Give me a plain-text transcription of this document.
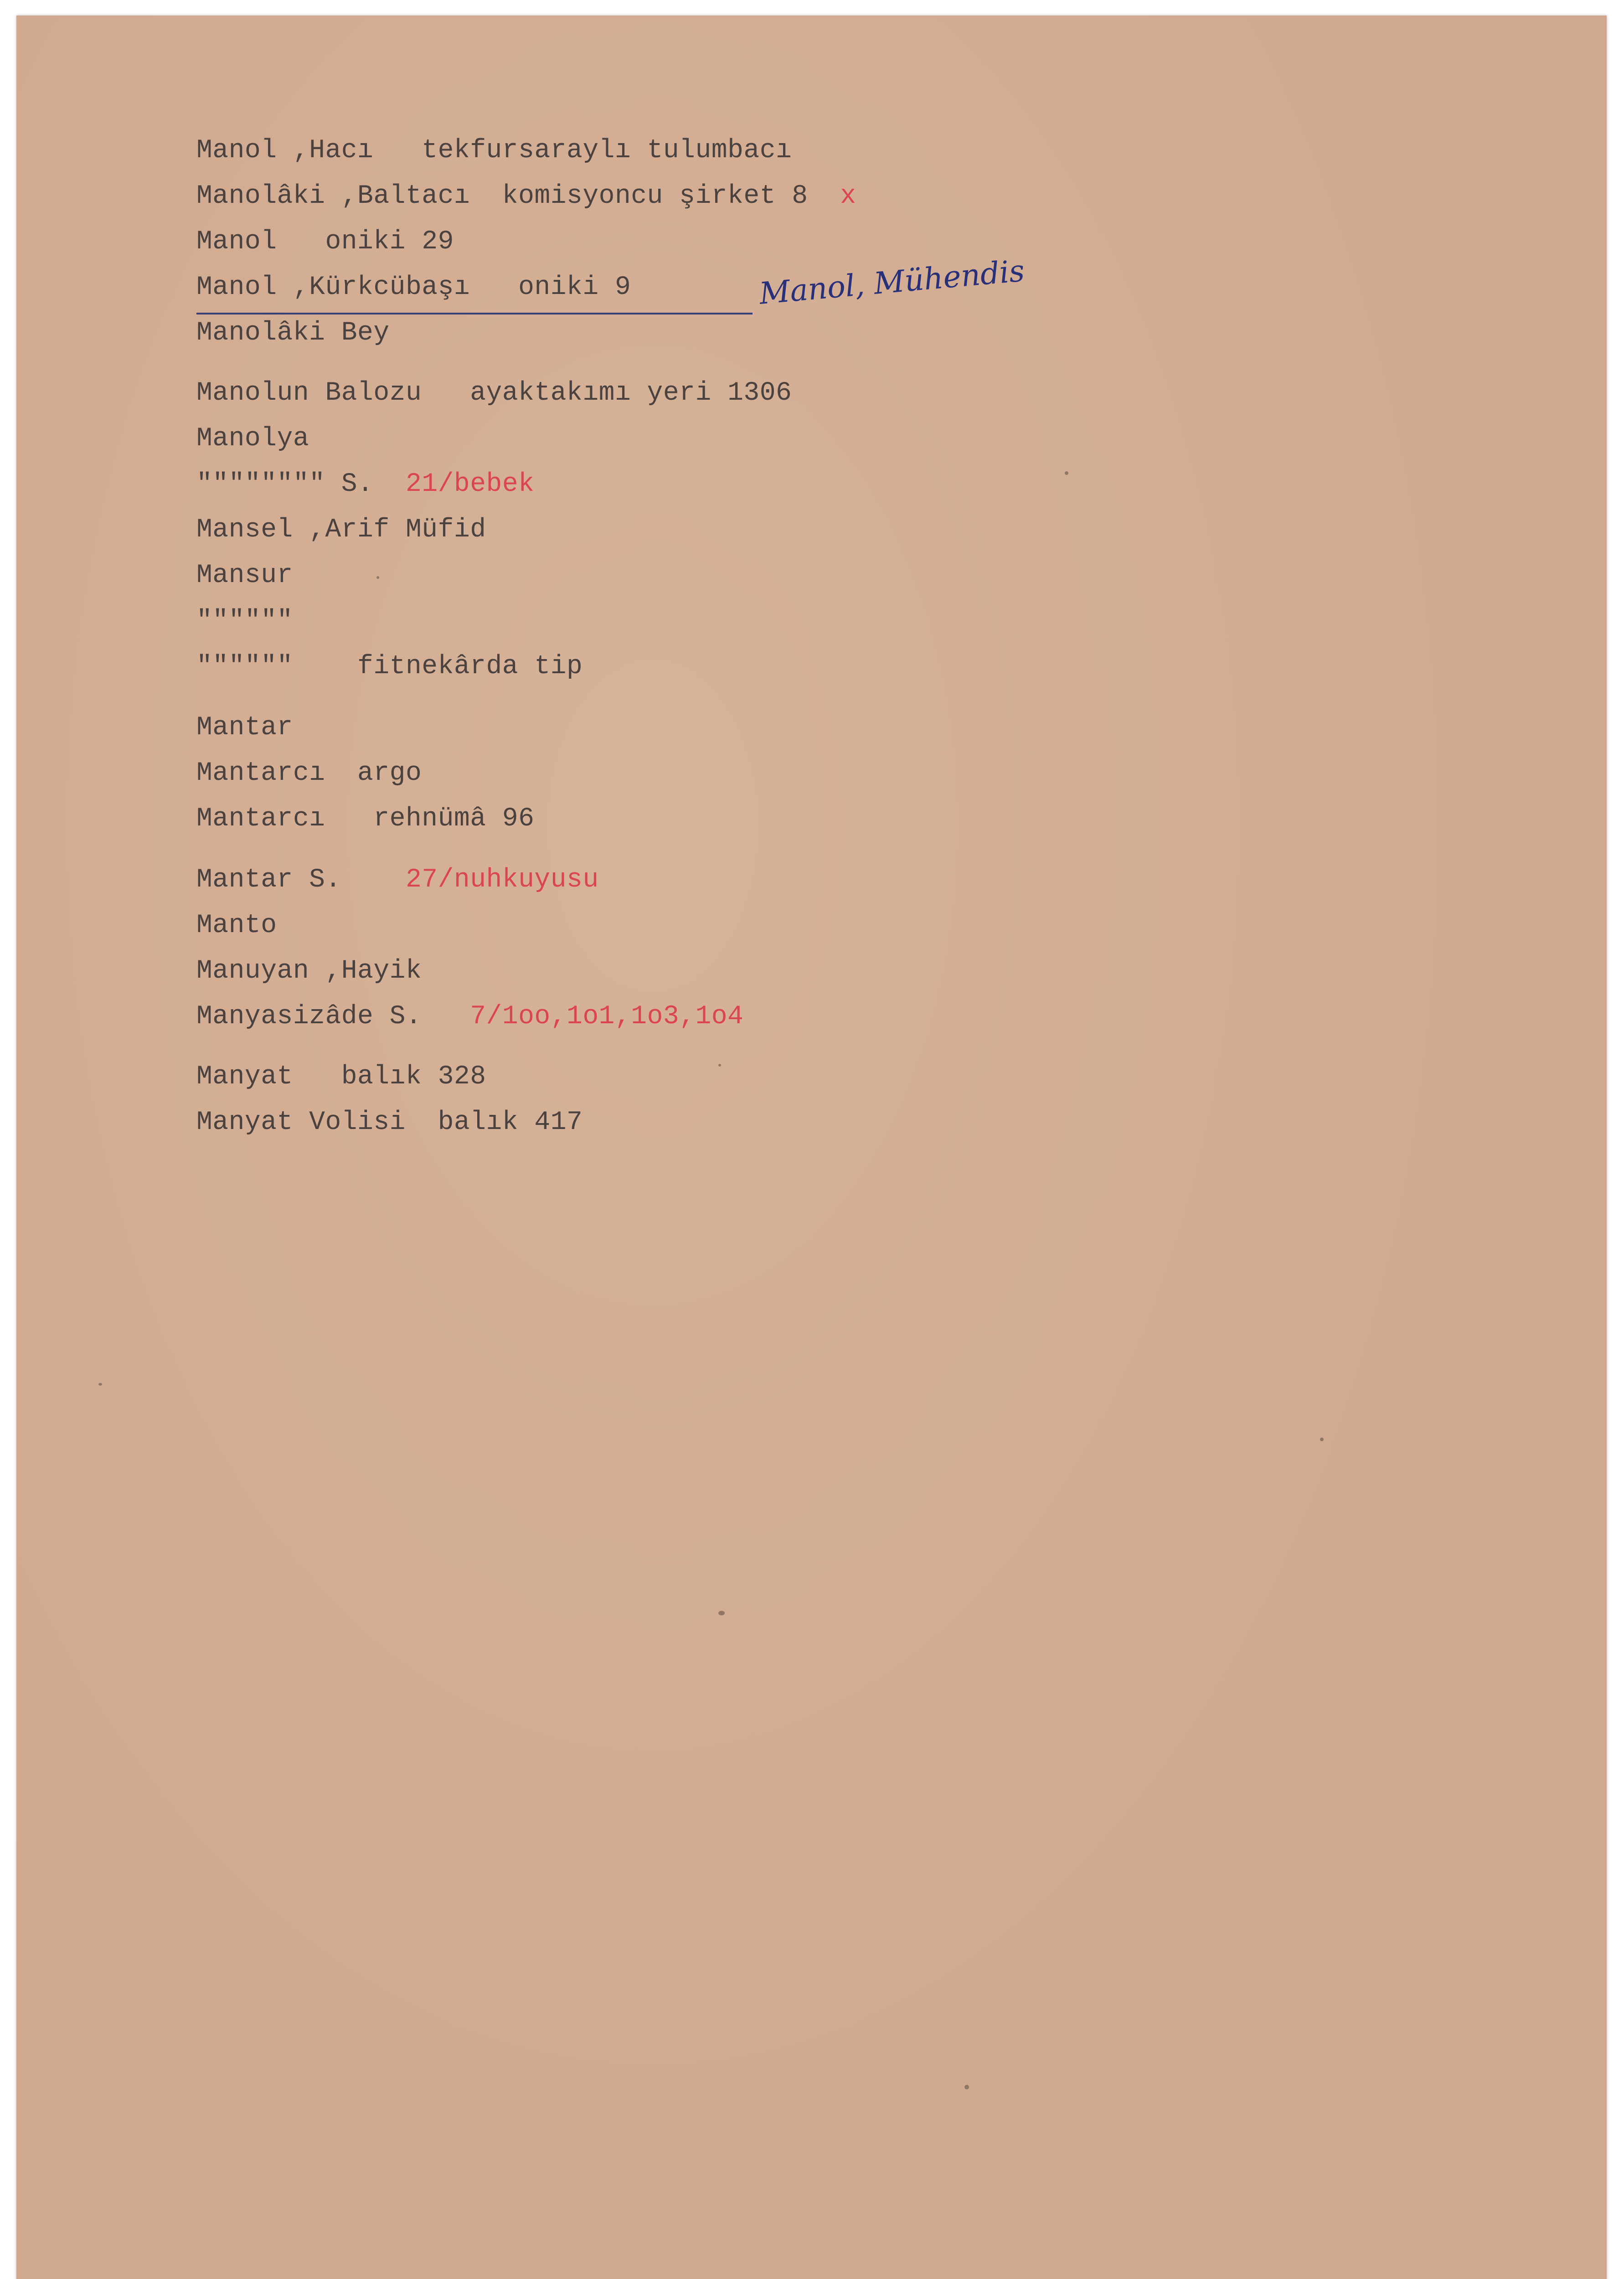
Manol ,Hacı   tekfursaraylı tulumbacı

Manolâki ,Baltacı  komisyoncu şirket 8  x

Manol   oniki 29

Manol ,Kürkcübaşı   oniki 9

Manolâki Bey

Manolun Balozu   ayaktakımı yeri 1306

Manolya

"""""""" S.  21/bebek

Mansel ,Arif Müfid

Mansur

""""""

""""""    fitnekârda tip

Mantar

Mantarcı  argo

Mantarcı   rehnümâ 96

Mantar S.    27/nuhkuyusu

Manto

Manuyan ,Hayik

Manyasizâde S.   7/1oo,1o1,1o3,1o4

Manyat   balık 328

Manyat Volisi  balık 417

Manol, Mühendis
